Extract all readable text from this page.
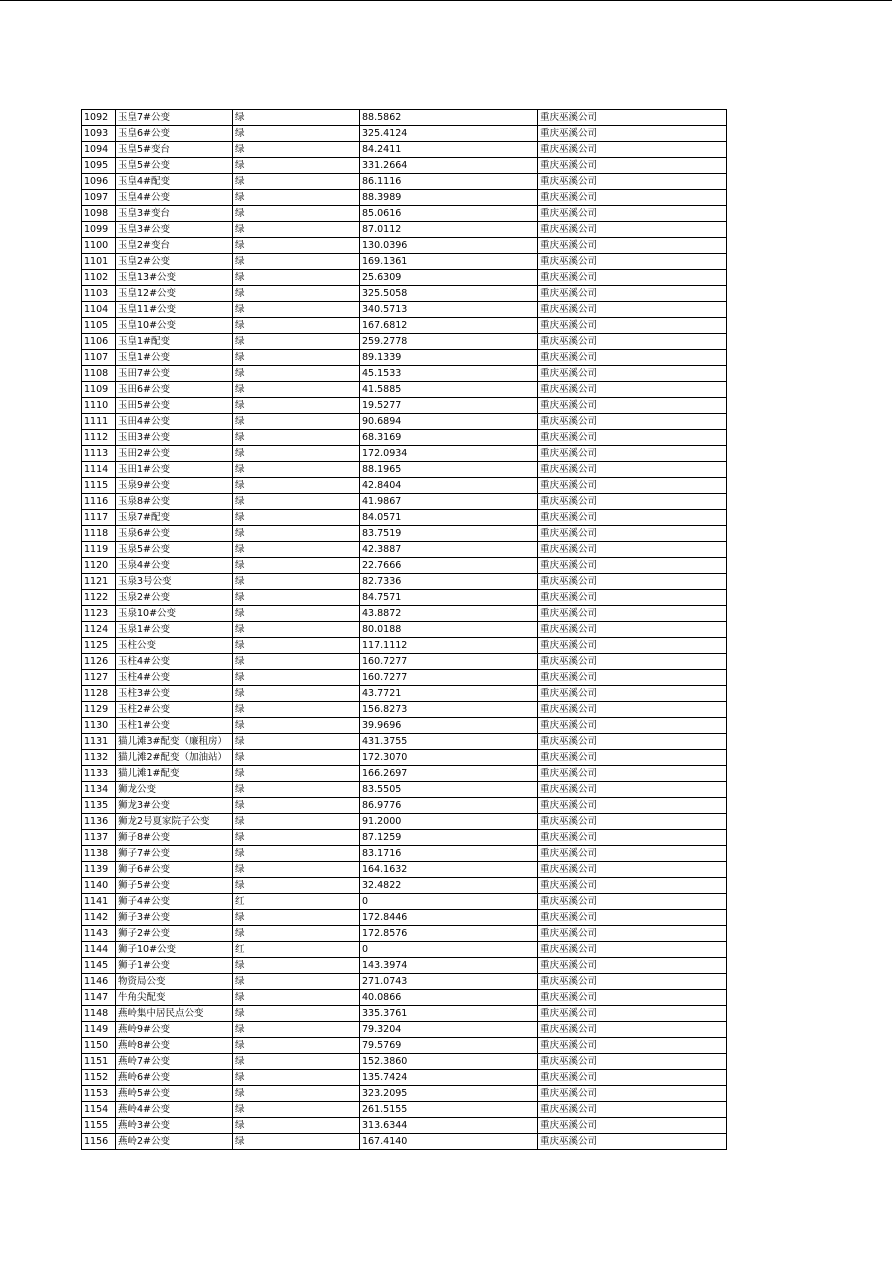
1092	玉皇7#公变	绿	88.5862	重庆巫溪公司
1093	玉皇6#公变	绿	325.4124	重庆巫溪公司
1094	玉皇5#变台	绿	84.2411	重庆巫溪公司
1095	玉皇5#公变	绿	331.2664	重庆巫溪公司
1096	玉皇4#配变	绿	86.1116	重庆巫溪公司
1097	玉皇4#公变	绿	88.3989	重庆巫溪公司
1098	玉皇3#变台	绿	85.0616	重庆巫溪公司
1099	玉皇3#公变	绿	87.0112	重庆巫溪公司
1100	玉皇2#变台	绿	130.0396	重庆巫溪公司
1101	玉皇2#公变	绿	169.1361	重庆巫溪公司
1102	玉皇13#公变	绿	25.6309	重庆巫溪公司
1103	玉皇12#公变	绿	325.5058	重庆巫溪公司
1104	玉皇11#公变	绿	340.5713	重庆巫溪公司
1105	玉皇10#公变	绿	167.6812	重庆巫溪公司
1106	玉皇1#配变	绿	259.2778	重庆巫溪公司
1107	玉皇1#公变	绿	89.1339	重庆巫溪公司
1108	玉田7#公变	绿	45.1533	重庆巫溪公司
1109	玉田6#公变	绿	41.5885	重庆巫溪公司
1110	玉田5#公变	绿	19.5277	重庆巫溪公司
1111	玉田4#公变	绿	90.6894	重庆巫溪公司
1112	玉田3#公变	绿	68.3169	重庆巫溪公司
1113	玉田2#公变	绿	172.0934	重庆巫溪公司
1114	玉田1#公变	绿	88.1965	重庆巫溪公司
1115	玉泉9#公变	绿	42.8404	重庆巫溪公司
1116	玉泉8#公变	绿	41.9867	重庆巫溪公司
1117	玉泉7#配变	绿	84.0571	重庆巫溪公司
1118	玉泉6#公变	绿	83.7519	重庆巫溪公司
1119	玉泉5#公变	绿	42.3887	重庆巫溪公司
1120	玉泉4#公变	绿	22.7666	重庆巫溪公司
1121	玉泉3号公变	绿	82.7336	重庆巫溪公司
1122	玉泉2#公变	绿	84.7571	重庆巫溪公司
1123	玉泉10#公变	绿	43.8872	重庆巫溪公司
1124	玉泉1#公变	绿	80.0188	重庆巫溪公司
1125	玉柱公变	绿	117.1112	重庆巫溪公司
1126	玉柱4#公变	绿	160.7277	重庆巫溪公司
1127	玉柱4#公变	绿	160.7277	重庆巫溪公司
1128	玉柱3#公变	绿	43.7721	重庆巫溪公司
1129	玉柱2#公变	绿	156.8273	重庆巫溪公司
1130	玉柱1#公变	绿	39.9696	重庆巫溪公司
1131	猫儿滩3#配变（廉租房）	绿	431.3755	重庆巫溪公司
1132	猫儿滩2#配变（加油站）	绿	172.3070	重庆巫溪公司
1133	猫儿滩1#配变	绿	166.2697	重庆巫溪公司
1134	狮龙公变	绿	83.5505	重庆巫溪公司
1135	狮龙3#公变	绿	86.9776	重庆巫溪公司
1136	狮龙2号夏家院子公变	绿	91.2000	重庆巫溪公司
1137	狮子8#公变	绿	87.1259	重庆巫溪公司
1138	狮子7#公变	绿	83.1716	重庆巫溪公司
1139	狮子6#公变	绿	164.1632	重庆巫溪公司
1140	狮子5#公变	绿	32.4822	重庆巫溪公司
1141	狮子4#公变	红	0	重庆巫溪公司
1142	狮子3#公变	绿	172.8446	重庆巫溪公司
1143	狮子2#公变	绿	172.8576	重庆巫溪公司
1144	狮子10#公变	红	0	重庆巫溪公司
1145	狮子1#公变	绿	143.3974	重庆巫溪公司
1146	物资局公变	绿	271.0743	重庆巫溪公司
1147	牛角尖配变	绿	40.0866	重庆巫溪公司
1148	燕岭集中居民点公变	绿	335.3761	重庆巫溪公司
1149	燕岭9#公变	绿	79.3204	重庆巫溪公司
1150	燕岭8#公变	绿	79.5769	重庆巫溪公司
1151	燕岭7#公变	绿	152.3860	重庆巫溪公司
1152	燕岭6#公变	绿	135.7424	重庆巫溪公司
1153	燕岭5#公变	绿	323.2095	重庆巫溪公司
1154	燕岭4#公变	绿	261.5155	重庆巫溪公司
1155	燕岭3#公变	绿	313.6344	重庆巫溪公司
1156	燕岭2#公变	绿	167.4140	重庆巫溪公司
